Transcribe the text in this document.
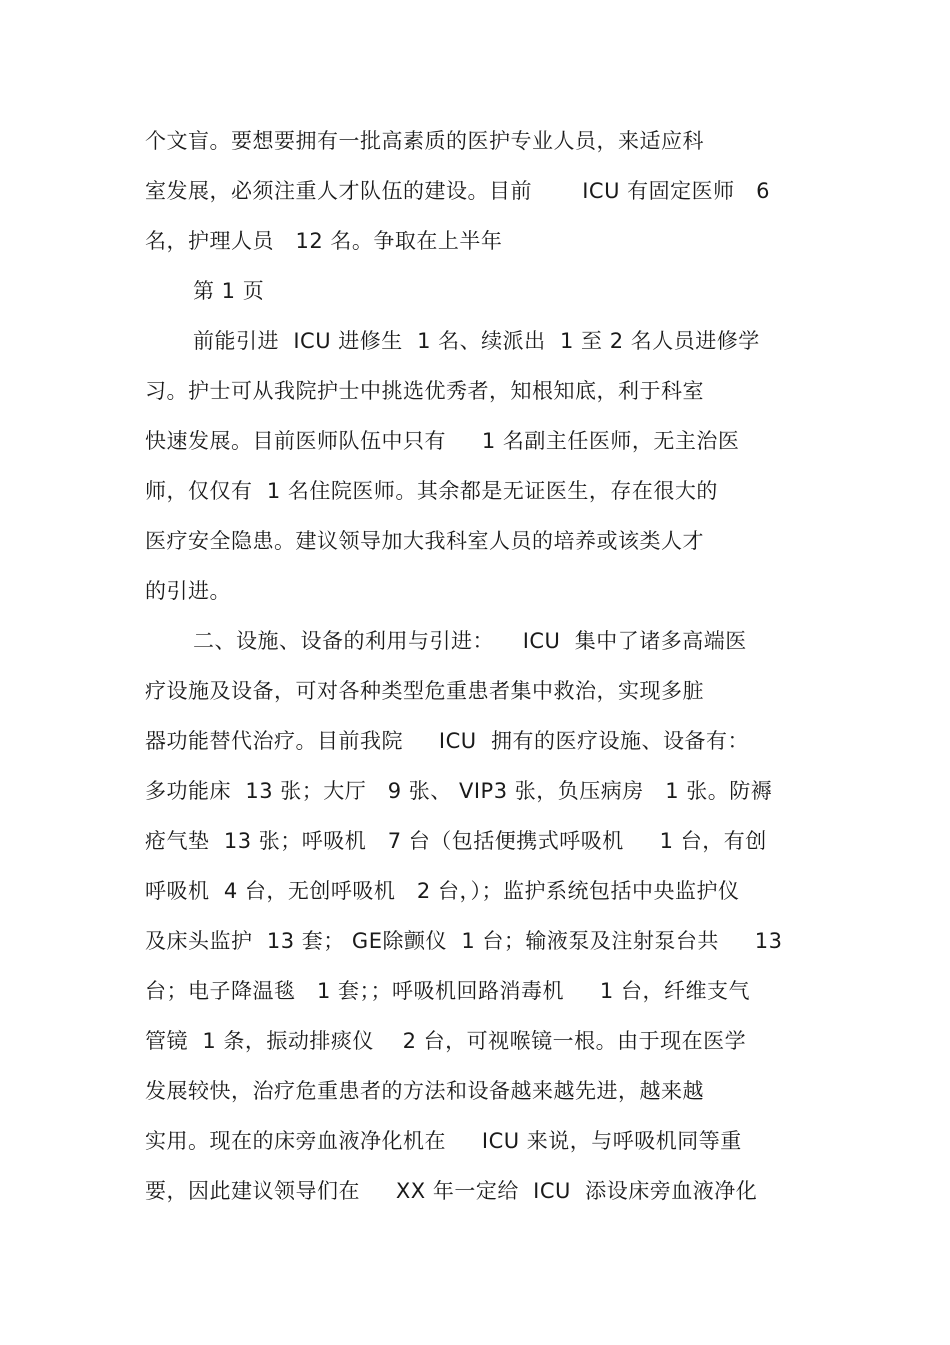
个文盲。要想要拥有一批高素质的医护专业人员，来适应科

室发展，必须注重人才队伍的建设。目前       ICU 有固定医师   6

名，护理人员   12 名。争取在上半年

第 1 页

前能引进  ICU 进修生  1 名、续派出  1 至 2 名人员进修学

习。护士可从我院护士中挑选优秀者，知根知底，利于科室

快速发展。目前医师队伍中只有     1 名副主任医师，无主治医

师，仅仅有  1 名住院医师。其余都是无证医生，存在很大的

医疗安全隐患。建议领导加大我科室人员的培养或该类人才

的引进。

二、设施、设备的利用与引进：    ICU  集中了诸多高端医

疗设施及设备，可对各种类型危重患者集中救治，实现多脏

器功能替代治疗。目前我院     ICU  拥有的医疗设施、设备有：

多功能床  13 张；大厅   9 张、 VIP3 张，负压病房   1 张。防褥

疮气垫  13 张；呼吸机   7 台（包括便携式呼吸机     1 台，有创

呼吸机  4 台，无创呼吸机   2 台，）；监护系统包括中央监护仪

及床头监护  13 套； GE除颤仪  1 台；输液泵及注射泵台共     13

台；电子降温毯   1 套；；呼吸机回路消毒机     1 台，纤维支气

管镜  1 条，振动排痰仪    2 台，可视喉镜一根。由于现在医学

发展较快，治疗危重患者的方法和设备越来越先进，越来越

实用。现在的床旁血液净化机在     ICU 来说，与呼吸机同等重

要，因此建议领导们在     XX 年一定给  ICU  添设床旁血液净化
